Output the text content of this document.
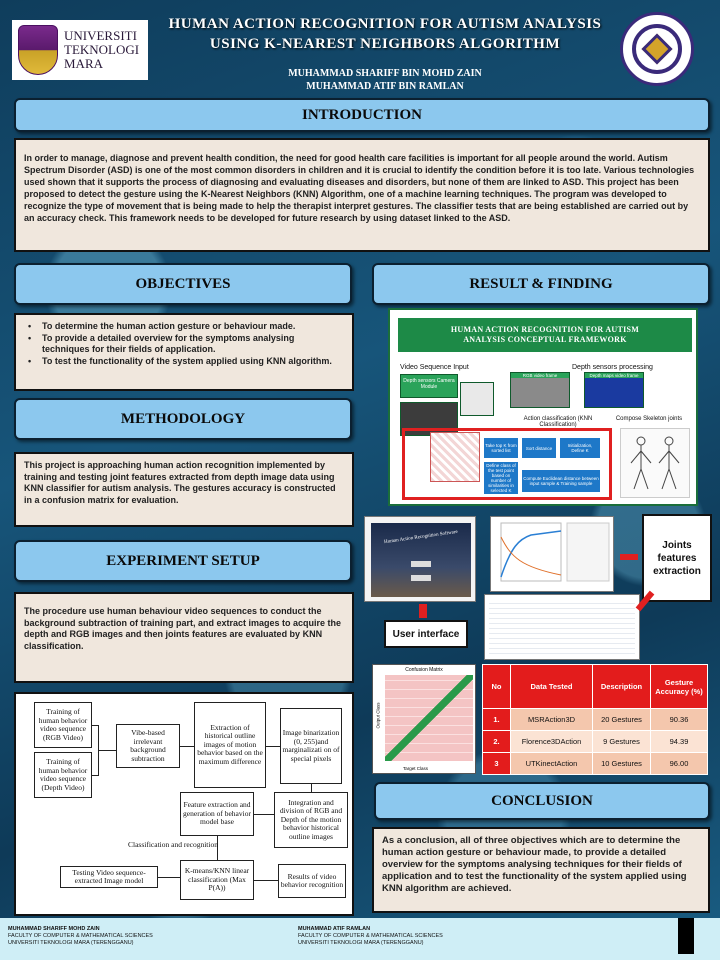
UNIVERSITI
TEKNOLOGI
MARA
HUMAN ACTION RECOGNITION FOR AUTISM ANALYSIS
USING K-NEAREST NEIGHBORS ALGORITHM
MUHAMMAD SHARIFF BIN MOHD ZAIN
MUHAMMAD ATIF BIN RAMLAN
INTRODUCTION
In order to manage, diagnose and prevent health condition, the need for good health care facilities is important for all people around the world. Autism Spectrum Disorder (ASD) is one of the most common disorders in children and it is crucial to identify the condition before it is too late. Various technologies used shown that it supports the process of diagnosing and evaluating diseases and disorders, but none of them are linked to ASD. This project has been proposed to detect the gesture using the K-Nearest Neighbors (KNN) Algorithm, one of a machine learning techniques. The program was developed to recognize the type of movement that is being made to help the therapist interpret gestures. The classifier tests that are being established are carried out by an accuracy check. This framework needs to be developed for future research by using dataset linked to the ASD.
OBJECTIVES
• To determine the human action gesture or behaviour made.
• To provide a detailed overview for the symptoms analysing techniques for their fields of application.
• To test the functionality of the system applied using KNN algorithm.
METHODOLOGY
This project is approaching human action recognition implemented by training and testing joint features extracted from depth image data using KNN classifier for autism analysis. The gestures accuracy is constructed in a confusion matrix for evaluation.
EXPERIMENT SETUP
The procedure use human behaviour video sequences to conduct the background subtraction of training part, and extract images to acquire the depth and RGB images and then joints features are evaluated by KNN classification.
Training of human behavior video sequence (RGB Video)
Training of human behavior video sequence (Depth Video)
Vibe-based irrelevant background subtraction
Extraction of historical outline images of motion behavior based on the maximum difference
Image binarization (0, 255)and marginalizati on of special pixels
Integration and division of RGB and Depth of the motion behavior historical outline images
Feature extraction and generation of behavior model base
Classification and recognition
Testing Video sequence-extracted Image model
K-means/KNN linear classification (Max P(A))
Results of video behavior recognition
RESULT & FINDING
HUMAN ACTION RECOGNITION FOR AUTISM
ANALYSIS CONCEPTUAL FRAMEWORK
Video Sequence Input	Depth sensors processing
Depth sensors Camera Module
RGB video frame	Depth maps video frame
Action classification (KNN Classification)
Compose Skeleton joints
Take top K from sorted list	Sort distance	Initialization, Define K
Define class of the test point based on number of similarities in selected K
Compute Euclidean distance between input sample & Training sample
Human Action Recognition Software
User interface
Joints features extraction
Confusion Matrix
Target Class
Output Class
No	Data Tested	Description	Gesture Accuracy (%)
1.	MSRAction3D	20 Gestures	90.36
2.	Florence3DAction	9 Gestures	94.39
3	UTKinectAction	10 Gestures	96.00
CONCLUSION
As a conclusion, all of three objectives which are to determine the human action gesture or behaviour made, to provide a detailed overview for the symptoms analysing techniques for their fields of application and to test the functionality of the system applied using KNN algorithm are achieved.
MUHAMMAD SHARIFF MOHD ZAIN
FACULTY OF COMPUTER & MATHEMATICAL SCIENCES
UNIVERSITI TEKNOLOGI MARA (TERENGGANU)
MUHAMMAD ATIF RAMLAN
FACULTY OF COMPUTER & MATHEMATICAL SCIENCES
UNIVERSITI TEKNOLOGI MARA (TERENGGANU)
